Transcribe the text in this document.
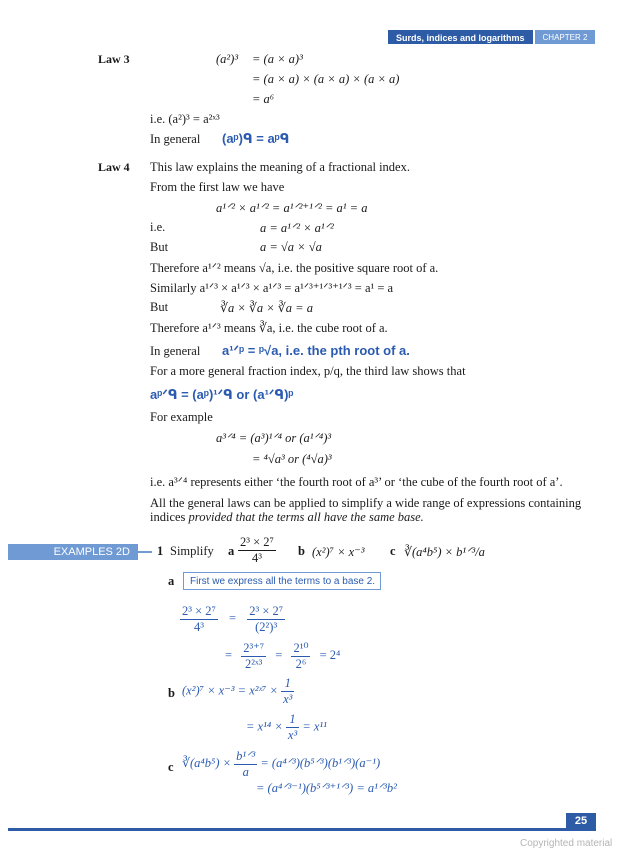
Surds, indices and logarithms	CHAPTER 2
Law 3	(a²)³ = (a × a)³
= (a × a) × (a × a) × (a × a)
= a⁶
i.e. (a²)³ = a²ˣ³
In general (aᵖ)ᑫ = aᵖᑫ
Law 4 This law explains the meaning of a fractional index.
From the first law we have
a¹ᐟ² × a¹ᐟ² = a¹ᐟ²⁺¹ᐟ² = a¹ = a
i.e.	a = a¹ᐟ² × a¹ᐟ²
But	a = √a × √a
Therefore a¹ᐟ² means √a, i.e. the positive square root of a.
Similarly a¹ᐟ³ × a¹ᐟ³ × a¹ᐟ³ = a¹ᐟ³⁺¹ᐟ³⁺¹ᐟ³ = a¹ = a
But	∛a × ∛a × ∛a = a
Therefore a¹ᐟ³ means ∛a, i.e. the cube root of a.
In general a¹ᐟᵖ = ᵖ√a, i.e. the pth root of a.
For a more general fraction index, p/q, the third law shows that
aᵖᐟᑫ = (aᵖ)¹ᐟᑫ or (a¹ᐟᑫ)ᵖ
For example
a³ᐟ⁴ = (a³)¹ᐟ⁴ or (a¹ᐟ⁴)³
= ⁴√a³ or (⁴√a)³
i.e. a³ᐟ⁴ represents either ‘the fourth root of a³’ or ‘the cube of the fourth root of a’.
All the general laws can be applied to simplify a wide range of expressions containing
indices provided that the terms all have the same base.
EXAMPLES 2D	1 Simplify a $\frac{\text{2³ × 2⁷}}{\text{4³}}$ b (x²)⁷ × x⁻³ c ∛(a⁴b⁵) × b¹ᐟ³/a
a	First we express all the terms to a base 2.
$\frac{\text{2³ × 2⁷}}{\text{4³}} = \frac{\text{2³ × 2⁷}}{\text{(2²)³}}$
= $\frac{\text{2³⁺⁷}}{\text{2²ˣ³}} = \frac{\text{2¹⁰}}{\text{2⁶}} = 2^4$
b (x²)⁷ × x⁻³ = x²ˣ⁷ × $\frac{1}{\text{x³}}$
= $x^{14} \times \frac{1}{\text{x³}} = x^{11}$
c ∛(a⁴b⁵) × $\frac{\text{b¹ᐟ³}}{a}$ = (a⁴ᐟ³)(b⁵ᐟ³)(b¹ᐟ³)(a⁻¹)
= (a⁴ᐟ³⁻¹)(b⁵ᐟ³⁺¹ᐟ³) = a¹ᐟ³b²
25
Copyrighted material
